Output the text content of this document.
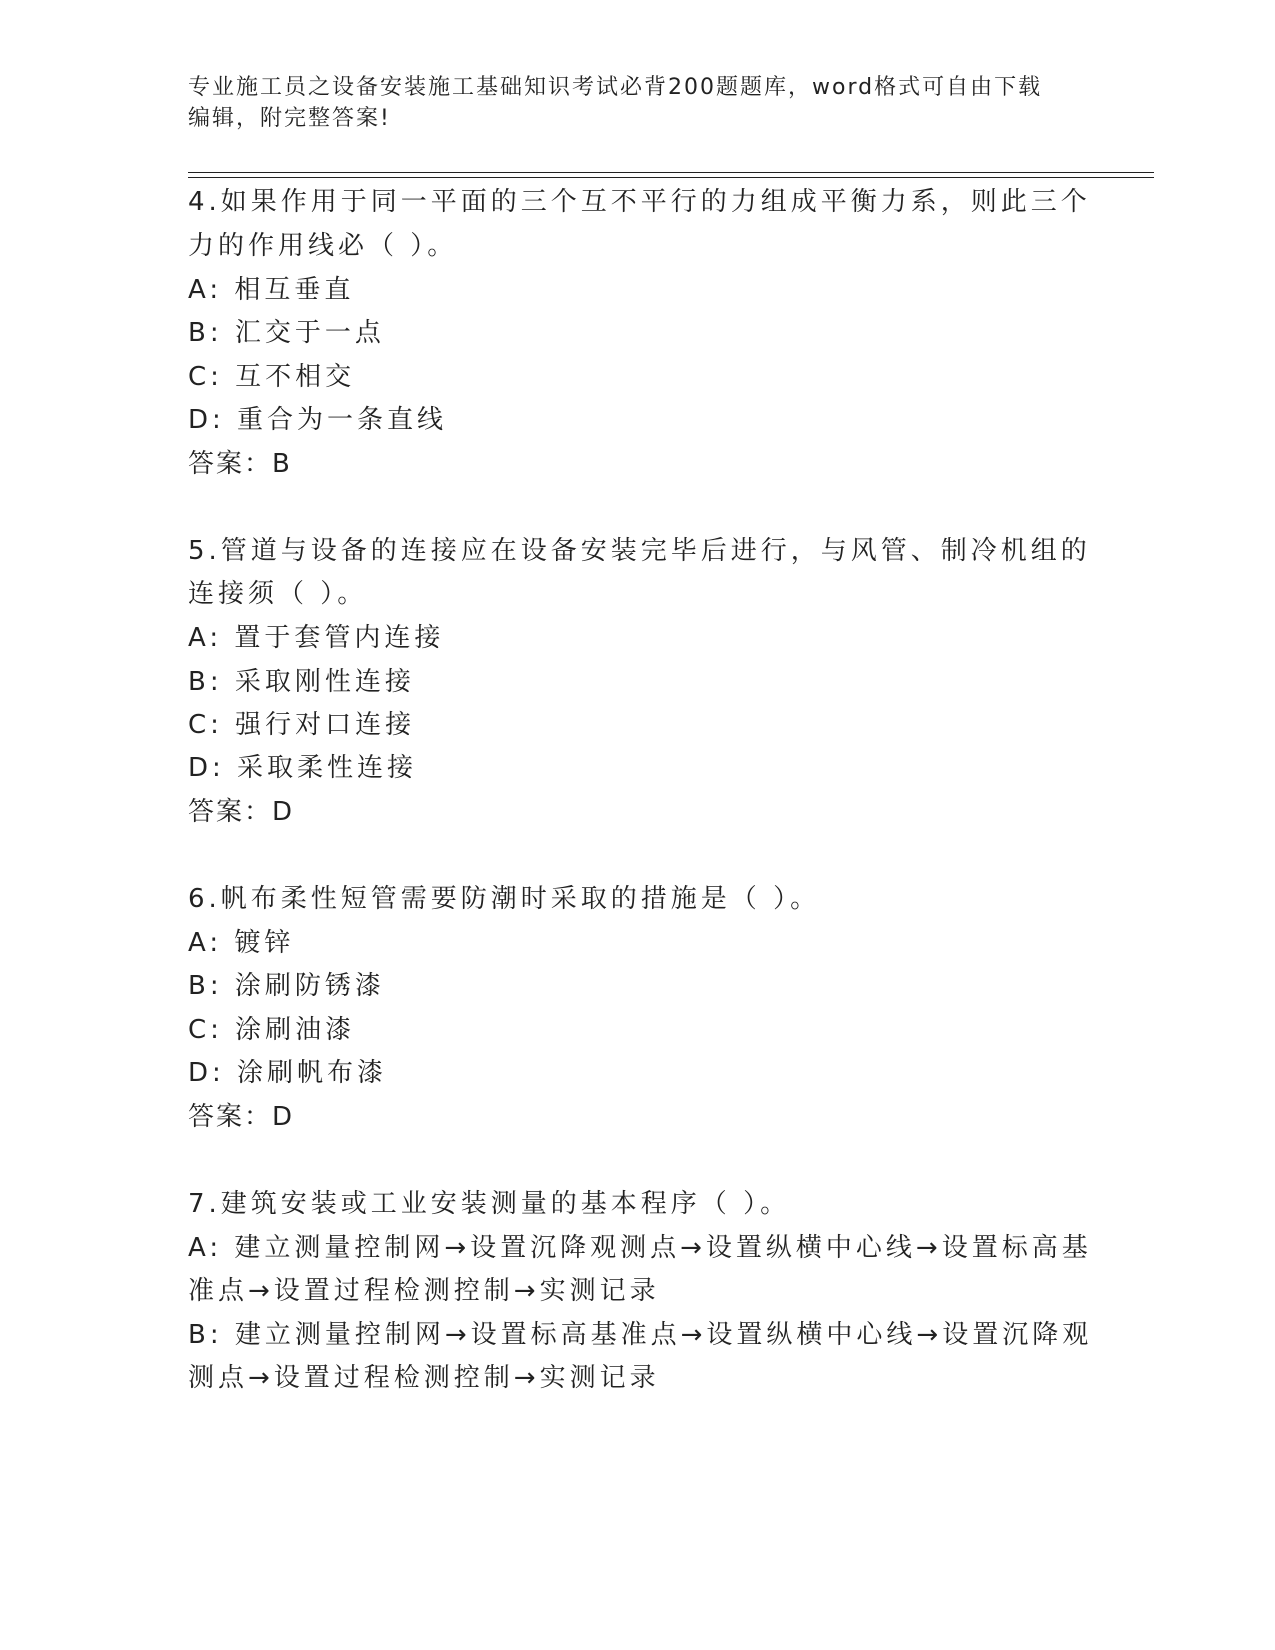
专业施工员之设备安装施工基础知识考试必背200题题库，word格式可自由下载
编辑，附完整答案!
4.如果作用于同一平面的三个互不平行的力组成平衡力系，则此三个
力的作用线必（ ）。
A: 相互垂直
B: 汇交于一点
C: 互不相交
D: 重合为一条直线
答案：B
5.管道与设备的连接应在设备安装完毕后进行，与风管、制冷机组的
连接须（ ）。
A: 置于套管内连接
B: 采取刚性连接
C: 强行对口连接
D: 采取柔性连接
答案：D
6.帆布柔性短管需要防潮时采取的措施是（ ）。
A: 镀锌
B: 涂刷防锈漆
C: 涂刷油漆
D: 涂刷帆布漆
答案：D
7.建筑安装或工业安装测量的基本程序（ ）。
A: 建立测量控制网→设置沉降观测点→设置纵横中心线→设置标高基
准点→设置过程检测控制→实测记录
B: 建立测量控制网→设置标高基准点→设置纵横中心线→设置沉降观
测点→设置过程检测控制→实测记录
